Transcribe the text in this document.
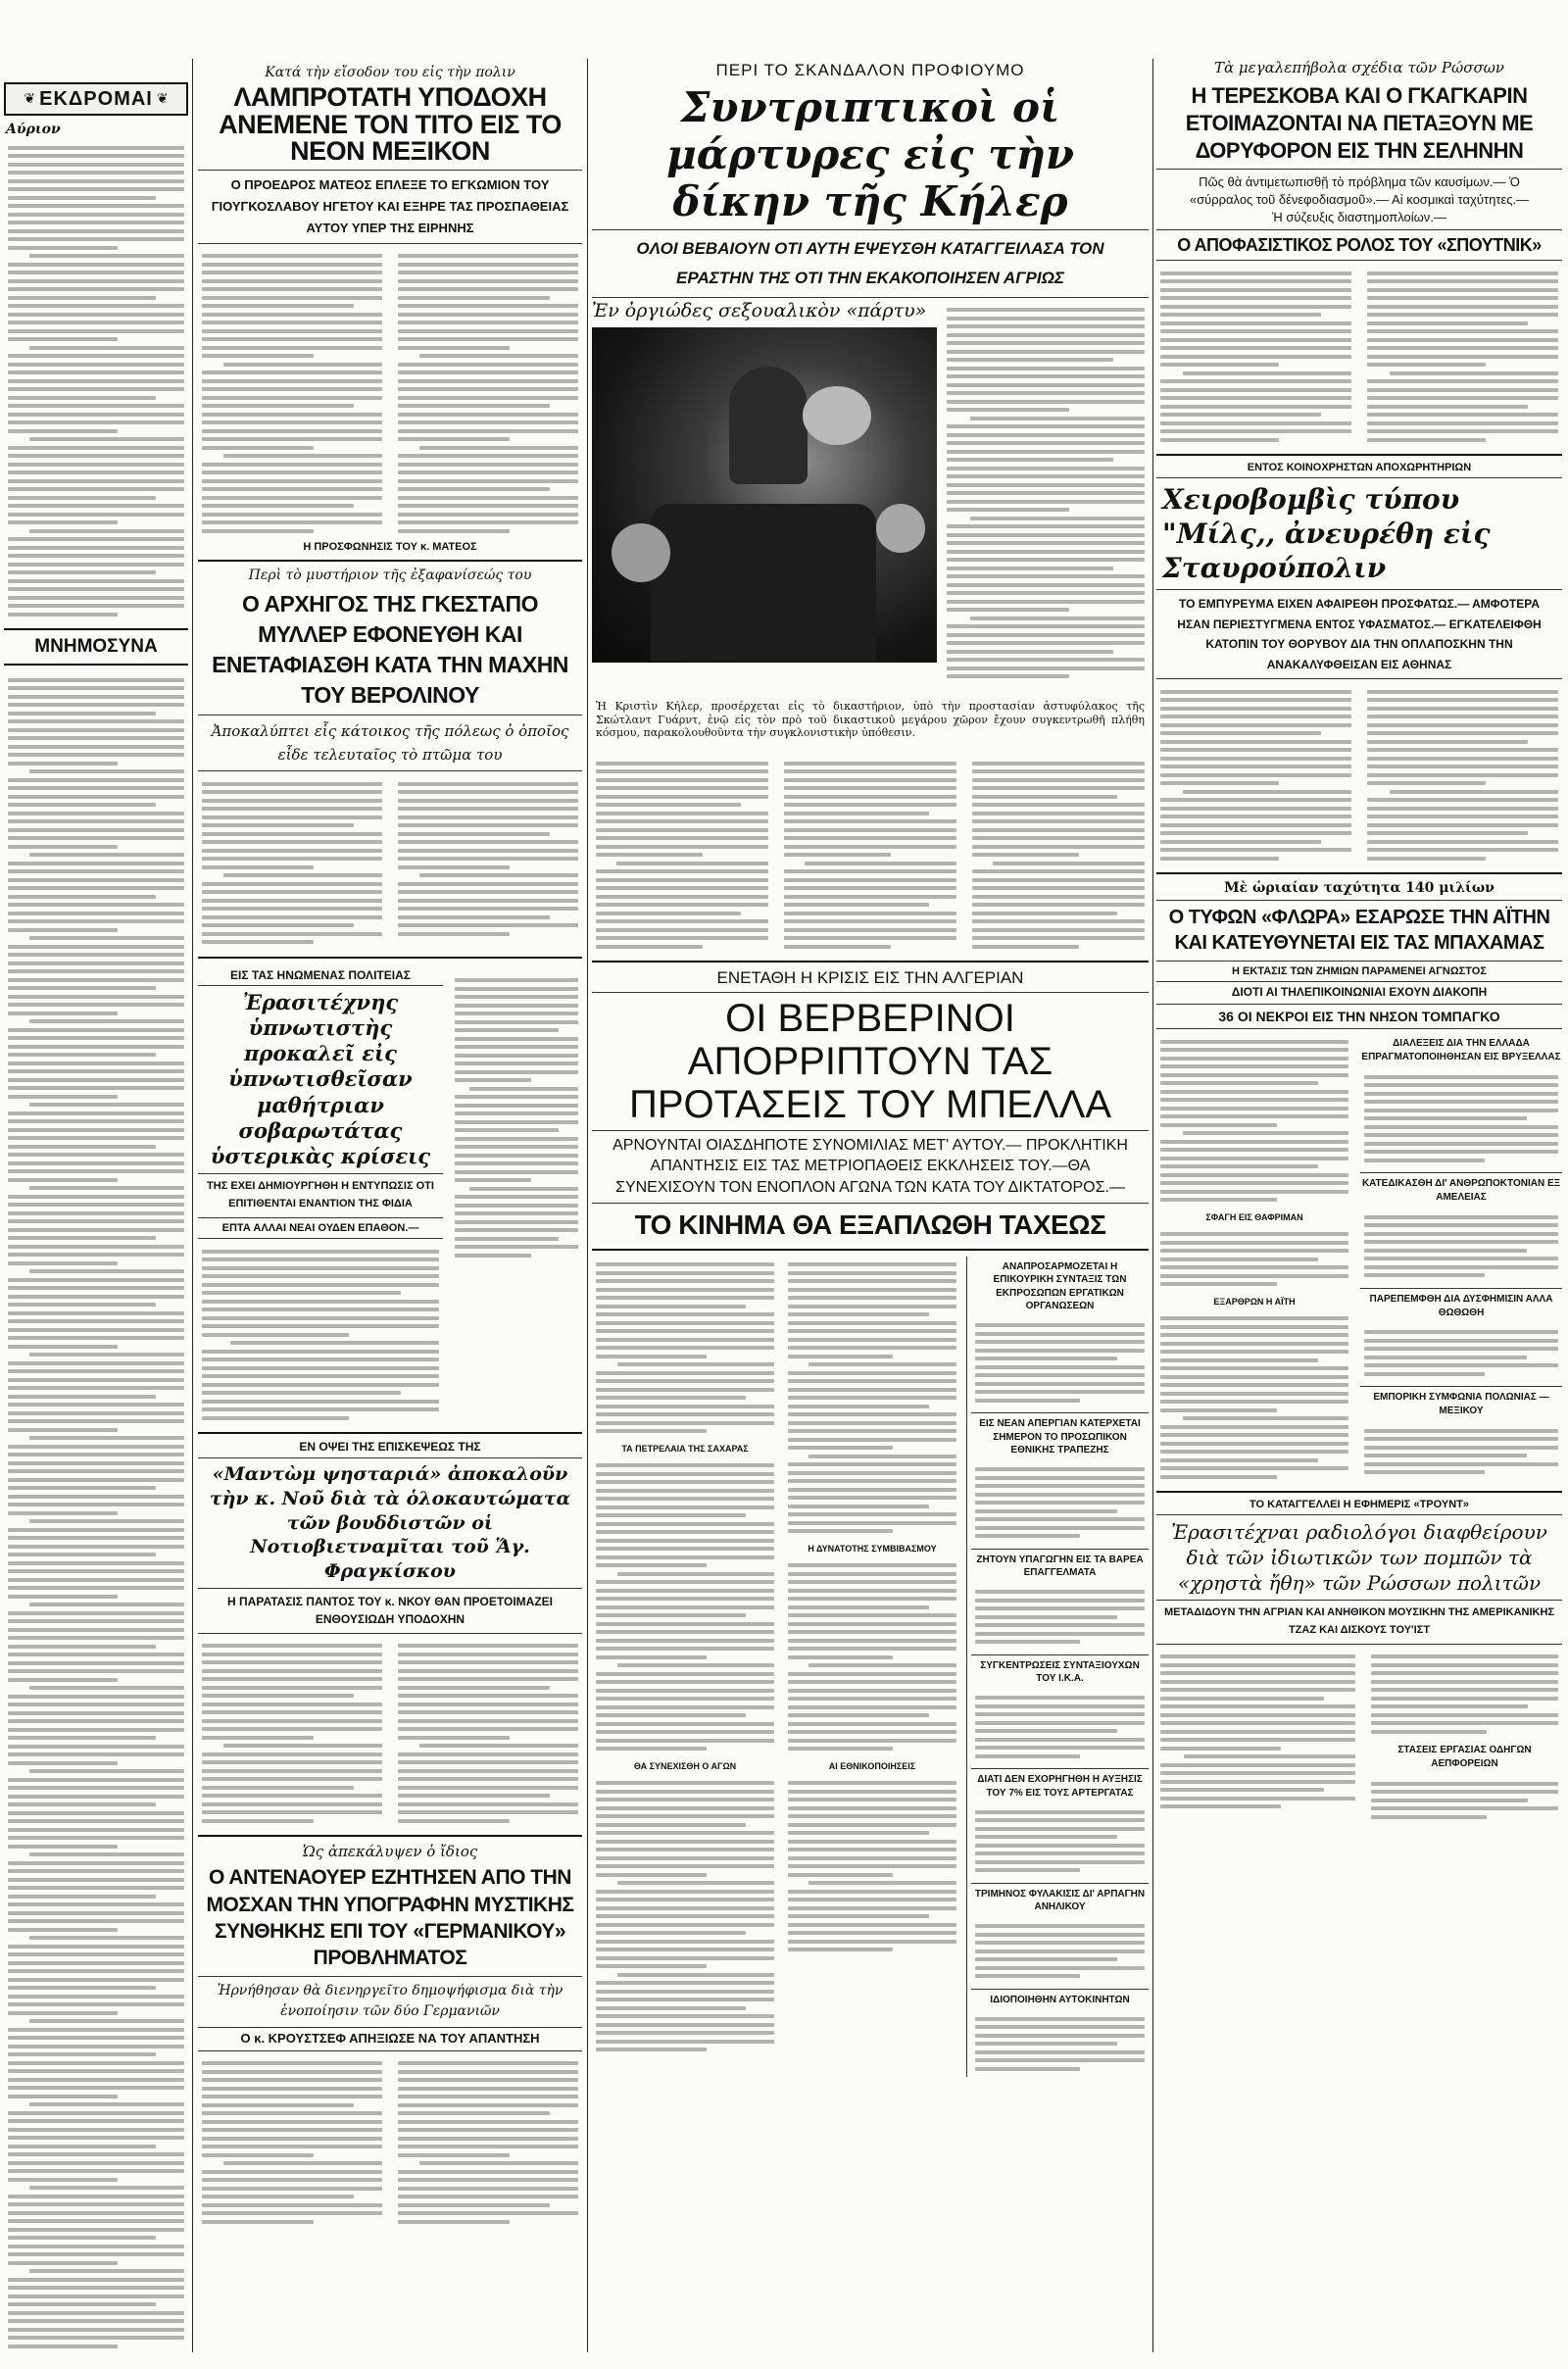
❦ ΕΚΔΡΟΜΑΙ ❦
Αύριον
ΜΝΗΜΟΣΥΝΑ

Κατά τὴν εἴσοδον του εἰς τὴν πολιν

ΛΑΜΠΡΟΤΑΤΗ ΥΠΟΔΟΧΗ ΑΝΕΜΕΝΕ ΤΟΝ ΤΙΤΟ ΕΙΣ ΤΟ ΝΕΟΝ ΜΕΞΙΚΟΝ

Ο ΠΡΟΕΔΡΟΣ ΜΑΤΕΟΣ ΕΠΛΕΞΕ ΤΟ ΕΓΚΩΜΙΟΝ ΤΟΥ ΓΙΟΥΓΚΟΣΛΑΒΟΥ ΗΓΕΤΟΥ ΚΑΙ ΕΞΗΡΕ ΤΑΣ ΠΡΟΣΠΑΘΕΙΑΣ ΑΥΤΟΥ ΥΠΕΡ ΤΗΣ ΕΙΡΗΝΗΣ

Η ΠΡΟΣΦΩΝΗΣΙΣ ΤΟΥ κ. ΜΑΤΕΟΣ

Περὶ τὸ μυστήριον τῆς ἐξαφανίσεώς του

Ο ΑΡΧΗΓΟΣ ΤΗΣ ΓΚΕΣΤΑΠΟ ΜΥΛΛΕΡ ΕΦΟΝΕΥΘΗ ΚΑΙ ΕΝΕΤΑΦΙΑΣΘΗ ΚΑΤΑ ΤΗΝ ΜΑΧΗΝ ΤΟΥ ΒΕΡΟΛΙΝΟΥ

Ἀποκαλύπτει εἷς κάτοικος τῆς πόλεως ὁ ὁποῖος εἶδε τελευταῖος τὸ πτῶμα του

ΕΙΣ ΤΑΣ ΗΝΩΜΕΝΑΣ ΠΟΛΙΤΕΙΑΣ

Ἐρασιτέχνης ὑπνωτιστὴς προκαλεῖ εἰς ὑπνωτισθεῖσαν μαθήτριαν σοβαρωτάτας ὑστερικὰς κρίσεις

ΤΗΣ ΕΧΕΙ ΔΗΜΙΟΥΡΓΗΘΗ Η ΕΝΤΥΠΩΣΙΣ ΟΤΙ ΕΠΙΤΙΘΕΝΤΑΙ ΕΝΑΝΤΙΟΝ ΤΗΣ ΦΙΔΙΑ

ΕΠΤΑ ΑΛΛΑΙ ΝΕΑΙ ΟΥΔΕΝ ΕΠΑΘΟΝ.—

ΕΝ ΟΨΕΙ ΤΗΣ ΕΠΙΣΚΕΨΕΩΣ ΤΗΣ

«Μαντὼμ ψησταριά» ἀποκαλοῦν τὴν κ. Νοῦ διὰ τὰ ὁλοκαυτώματα τῶν βουδδιστῶν οἱ Νοτιοβιετναμῖται τοῦ Ἅγ. Φραγκίσκου

Η ΠΑΡΑΤΑΣΙΣ ΠΑΝΤΟΣ ΤΟΥ κ. ΝΚΟΥ ΘΑΝ ΠΡΟΕΤΟΙΜΑΖΕΙ ΕΝΘΟΥΣΙΩΔΗ ΥΠΟΔΟΧΗΝ

Ὡς ἀπεκάλυψεν ὁ ἴδιος

Ο ΑΝΤΕΝΑΟΥΕΡ ΕΖΗΤΗΣΕΝ ΑΠΟ ΤΗΝ ΜΟΣΧΑΝ ΤΗΝ ΥΠΟΓΡΑΦΗΝ ΜΥΣΤΙΚΗΣ ΣΥΝΘΗΚΗΣ ΕΠΙ ΤΟΥ «ΓΕΡΜΑΝΙΚΟΥ» ΠΡΟΒΛΗΜΑΤΟΣ

Ἠρνήθησαν θὰ διενηργεῖτο δημοψήφισμα διὰ τὴν ἑνοποίησιν τῶν δύο Γερμανιῶν

Ο κ. ΚΡΟΥΣΤΣΕΦ ΑΠΗΞΙΩΣΕ ΝΑ ΤΟΥ ΑΠΑΝΤΗΣΗ

ΠΕΡΙ ΤΟ ΣΚΑΝΔΑΛΟΝ ΠΡΟΦΙΟΥΜΟ

Συντριπτικοὶ οἱ μάρτυρες εἰς τὴν δίκην τῆς Κήλερ

ΟΛΟΙ ΒΕΒΑΙΟΥΝ ΟΤΙ ΑΥΤΗ ΕΨΕΥΣΘΗ ΚΑΤΑΓΓΕΙΛΑΣΑ ΤΟΝ ΕΡΑΣΤΗΝ ΤΗΣ ΟΤΙ ΤΗΝ ΕΚΑΚΟΠΟΙΗΣΕΝ ΑΓΡΙΩΣ

Ἐν ὀργιώδες σεξουαλικὸν «πάρτυ»

Ἡ Κριστὶν Κήλερ, προσέρχεται εἰς τὸ δικαστήριον, ὑπὸ τὴν προστασίαν ἀστυφύλακος τῆς Σκώτλαντ Γυάρντ, ἐνῷ εἰς τὸν πρὸ τοῦ δικαστικοῦ μεγάρου χῶρον ἔχουν συγκεντρωθῆ πλήθη κόσμου, παρακολουθοῦντα τὴν συγκλονιστικὴν ὑπόθεσιν.

ΕΝΕΤΑΘΗ Η ΚΡΙΣΙΣ ΕΙΣ ΤΗΝ ΑΛΓΕΡΙΑΝ

ΟΙ ΒΕΡΒΕΡΙΝΟΙ ΑΠΟΡΡΙΠΤΟΥΝ ΤΑΣ ΠΡΟΤΑΣΕΙΣ ΤΟΥ ΜΠΕΛΛΑ

ΑΡΝΟΥΝΤΑΙ ΟΙΑΣΔΗΠΟΤΕ ΣΥΝΟΜΙΛΙΑΣ ΜΕΤ' ΑΥΤΟΥ.— ΠΡΟΚΛΗΤΙΚΗ ΑΠΑΝΤΗΣΙΣ ΕΙΣ ΤΑΣ ΜΕΤΡΙΟΠΑΘΕΙΣ ΕΚΚΛΗΣΕΙΣ ΤΟΥ.—ΘΑ ΣΥΝΕΧΙΣΟΥΝ ΤΟΝ ΕΝΟΠΛΟΝ ΑΓΩΝΑ ΤΩΝ ΚΑΤΑ ΤΟΥ ΔΙΚΤΑΤΟΡΟΣ.—

ΤΟ ΚΙΝΗΜΑ ΘΑ ΕΞΑΠΛΩΘΗ ΤΑΧΕΩΣ

ΤΑ ΠΕΤΡΕΛΑΙΑ ΤΗΣ ΣΑΧΑΡΑΣ

ΘΑ ΣΥΝΕΧΙΣΘΗ Ο ΑΓΩΝ

Η ΔΥΝΑΤΟΤΗΣ ΣΥΜΒΙΒΑΣΜΟΥ

ΑΙ ΕΘΝΙΚΟΠΟΙΗΣΕΙΣ

ΑΝΑΠΡΟΣΑΡΜΟΖΕΤΑΙ Η ΕΠΙΚΟΥΡΙΚΗ ΣΥΝΤΑΞΙΣ ΤΩΝ ΕΚΠΡΟΣΩΠΩΝ ΕΡΓΑΤΙΚΩΝ ΟΡΓΑΝΩΣΕΩΝ

ΕΙΣ ΝΕΑΝ ΑΠΕΡΓΙΑΝ ΚΑΤΕΡΧΕΤΑΙ ΣΗΜΕΡΟΝ ΤΟ ΠΡΟΣΩΠΙΚΟΝ ΕΘΝΙΚΗΣ ΤΡΑΠΕΖΗΣ

ΖΗΤΟΥΝ ΥΠΑΓΩΓΗΝ ΕΙΣ ΤΑ ΒΑΡΕΑ ΕΠΑΓΓΕΛΜΑΤΑ

ΣΥΓΚΕΝΤΡΩΣΕΙΣ ΣΥΝΤΑΞΙΟΥΧΩΝ ΤΟΥ Ι.Κ.Α.

ΔΙΑΤΙ ΔΕΝ ΕΧΟΡΗΓΗΘΗ Η ΑΥΞΗΣΙΣ ΤΟΥ 7% ΕΙΣ ΤΟΥΣ ΑΡΤΕΡΓΑΤΑΣ

ΤΡΙΜΗΝΟΣ ΦΥΛΑΚΙΣΙΣ ΔΙ' ΑΡΠΑΓΗΝ ΑΝΗΛΙΚΟΥ

ΙΔΙΟΠΟΙΗΘΗΝ ΑΥΤΟΚΙΝΗΤΩΝ

Τὰ μεγαλεπήβολα σχέδια τῶν Ρώσσων

Η ΤΕΡΕΣΚΟΒΑ ΚΑΙ Ο ΓΚΑΓΚΑΡΙΝ ΕΤΟΙΜΑΖΟΝΤΑΙ ΝΑ ΠΕΤΑΞΟΥΝ ΜΕ ΔΟΡΥΦΟΡΟΝ ΕΙΣ ΤΗΝ ΣΕΛΗΝΗΝ

Πῶς θὰ ἀντιμετωπισθῇ τὸ πρόβλημα τῶν καυσίμων.— Ὁ «σύρραλος τοῦ δένεφοδιασμοῦ».— Αἱ κοσμικαὶ ταχύτητες.— Ἡ σύζευξις διαστημοπλοίων.—

Ο ΑΠΟΦΑΣΙΣΤΙΚΟΣ ΡΟΛΟΣ ΤΟΥ «ΣΠΟΥΤΝΙΚ»

ΕΝΤΟΣ ΚΟΙΝΟΧΡΗΣΤΩΝ ΑΠΟΧΩΡΗΤΗΡΙΩΝ

Χειροβομβὶς τύπου "Μίλς,, ἀνευρέθη εἰς Σταυρούπολιν

ΤΟ ΕΜΠΥΡΕΥΜΑ ΕΙΧΕΝ ΑΦΑΙΡΕΘΗ ΠΡΟΣΦΑΤΩΣ.— ΑΜΦΟΤΕΡΑ ΗΣΑΝ ΠΕΡΙΕΣΤΥΓΜΕΝΑ ΕΝΤΟΣ ΥΦΑΣΜΑΤΟΣ.— ΕΓΚΑΤΕΛΕΙΦΘΗ ΚΑΤΟΠΙΝ ΤΟΥ ΘΟΡΥΒΟΥ ΔΙΑ ΤΗΝ ΟΠΛΑΠΟΣΚΗΝ ΤΗΝ ΑΝΑΚΑΛΥΦΘΕΙΣΑΝ ΕΙΣ ΑΘΗΝΑΣ

Μὲ ὡριαίαν ταχύτητα 140 μιλίων

Ο ΤΥΦΩΝ «ΦΛΩΡΑ» ΕΣΑΡΩΣΕ ΤΗΝ ΑΪΤΗΝ ΚΑΙ ΚΑΤΕΥΘΥΝΕΤΑΙ ΕΙΣ ΤΑΣ ΜΠΑΧΑΜΑΣ

Η ΕΚΤΑΣΙΣ ΤΩΝ ΖΗΜΙΩΝ ΠΑΡΑΜΕΝΕΙ ΑΓΝΩΣΤΟΣ

ΔΙΟΤΙ ΑΙ ΤΗΛΕΠΙΚΟΙΝΩΝΙΑΙ ΕΧΟΥΝ ΔΙΑΚΟΠΗ

36 ΟΙ ΝΕΚΡΟΙ ΕΙΣ ΤΗΝ ΝΗΣΟΝ ΤΟΜΠΑΓΚΟ

ΣΦΑΓΗ ΕΙΣ ΘΑΦΡΙΜΑΝ

ΕΞΑΡΘΡΩΝ Η ΑΪΤΗ

ΔΙΑΛΕΞΕΙΣ ΔΙΑ ΤΗΝ ΕΛΛΑΔΑ ΕΠΡΑΓΜΑΤΟΠΟΙΗΘΗΣΑΝ ΕΙΣ ΒΡΥΞΕΛΛΑΣ

ΚΑΤΕΔΙΚΑΣΘΗ ΔΙ' ΑΝΘΡΩΠΟΚΤΟΝΙΑΝ ΕΞ ΑΜΕΛΕΙΑΣ

ΠΑΡΕΠΕΜΦΘΗ ΔΙΑ ΔΥΣΦΗΜΙΣΙΝ ΑΛΛΑ ΘΩΘΩΘΗ

ΕΜΠΟΡΙΚΗ ΣΥΜΦΩΝΙΑ ΠΟΛΩΝΙΑΣ — ΜΕΞΙΚΟΥ

ΤΟ ΚΑΤΑΓΓΕΛΛΕΙ Η ΕΦΗΜΕΡΙΣ «ΤΡΟΥΝΤ»

Ἐρασιτέχναι ραδιολόγοι διαφθείρουν διὰ τῶν ἰδιωτικῶν των πομπῶν τὰ «χρηστὰ ἤθη» τῶν Ρώσσων πολιτῶν

ΜΕΤΑΔΙΔΟΥΝ ΤΗΝ ΑΓΡΙΑΝ ΚΑΙ ΑΝΗΘΙΚΟΝ ΜΟΥΣΙΚΗΝ ΤΗΣ ΑΜΕΡΙΚΑΝΙΚΗΣ ΤΖΑΖ ΚΑΙ ΔΙΣΚΟΥΣ ΤΟΥ'ΙΣΤ

ΣΤΑΣΕΙΣ ΕΡΓΑΣΙΑΣ ΟΔΗΓΩΝ ΑΕΠΦΟΡΕΙΩΝ
